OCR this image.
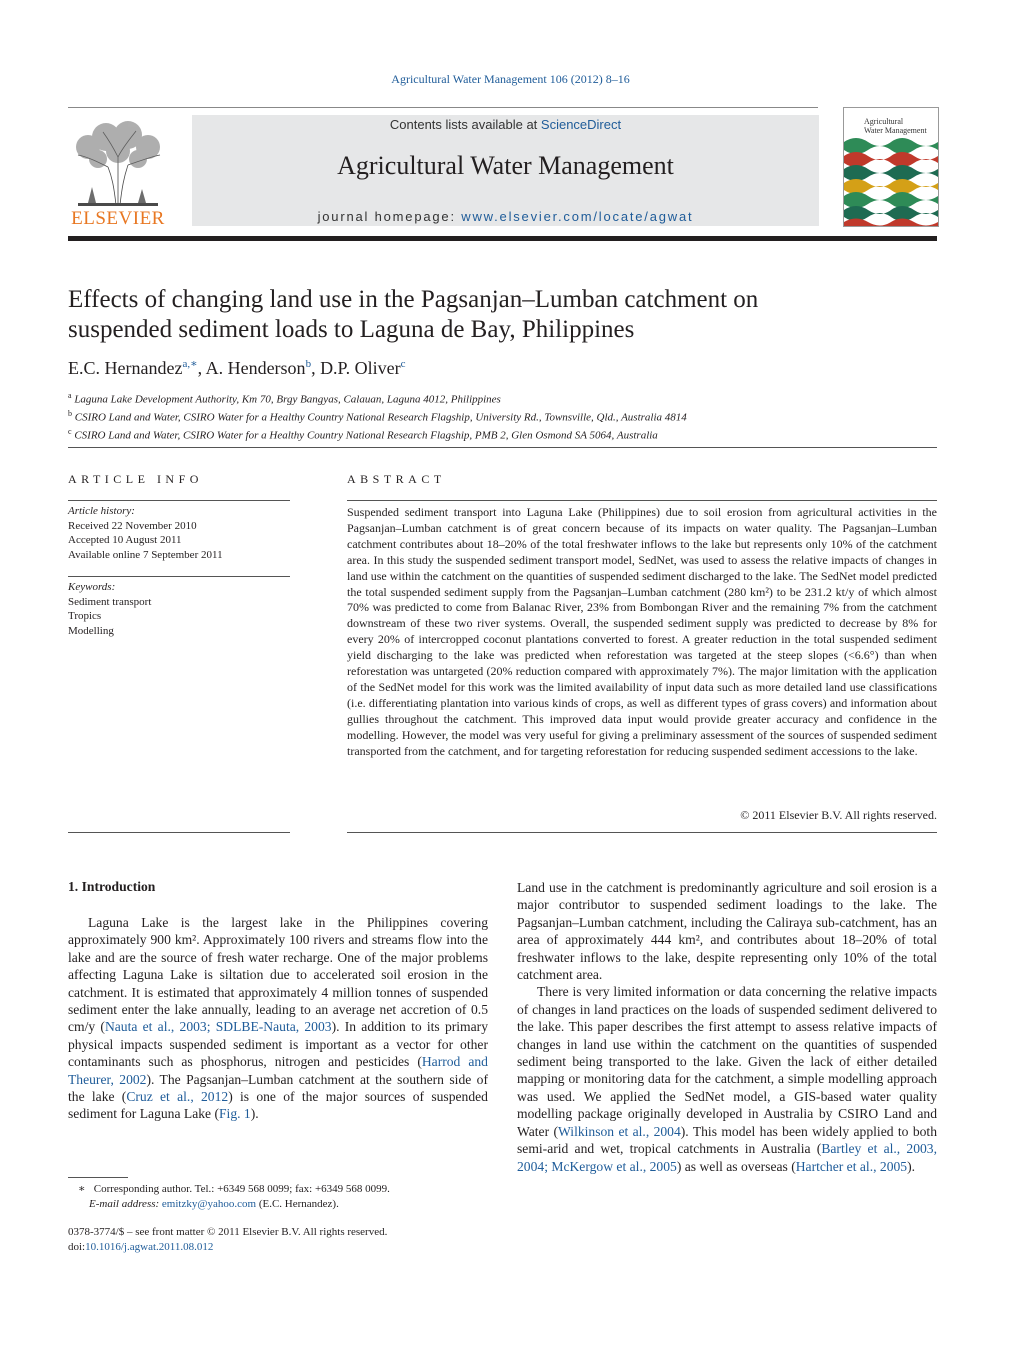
Agricultural Water Management 106 (2012) 8–16
ELSEVIER
Contents lists available at ScienceDirect
Agricultural Water Management
journal homepage: www.elsevier.com/locate/agwat
Agricultural
Water Management
Effects of changing land use in the Pagsanjan–Lumban catchment on
suspended sediment loads to Laguna de Bay, Philippines
E.C. Hernandez$^{a,∗}$, A. Henderson$^b$, D.P. Oliver$^c$
$^a$ Laguna Lake Development Authority, Km 70, Brgy Bangyas, Calauan, Laguna 4012, Philippines
$^b$ CSIRO Land and Water, CSIRO Water for a Healthy Country National Research Flagship, University Rd., Townsville, Qld., Australia 4814
$^c$ CSIRO Land and Water, CSIRO Water for a Healthy Country National Research Flagship, PMB 2, Glen Osmond SA 5064, Australia
ARTICLE INFO
Article history:
Received 22 November 2010
Accepted 10 August 2011
Available online 7 September 2011
Keywords:
Sediment transport
Tropics
Modelling
ABSTRACT
Suspended sediment transport into Laguna Lake (Philippines) due to soil erosion from agricultural activities in the Pagsanjan–Lumban catchment is of great concern because of its impacts on water quality. The Pagsanjan–Lumban catchment contributes about 18–20% of the total freshwater inflows to the lake but represents only 10% of the catchment area. In this study the suspended sediment transport model, SedNet, was used to assess the relative impacts of changes in land use within the catchment on the quantities of suspended sediment discharged to the lake. The SedNet model predicted the total suspended sediment supply from the Pagsanjan–Lumban catchment (280 km²) to be 231.2 kt/y of which almost 70% was predicted to come from Balanac River, 23% from Bombongan River and the remaining 7% from the catchment downstream of these two river systems. Overall, the suspended sediment supply was predicted to decrease by 8% for every 20% of intercropped coconut plantations converted to forest. A greater reduction in the total suspended sediment yield discharging to the lake was predicted when reforestation was targeted at the steep slopes (<6.6°) than when reforestation was untargeted (20% reduction compared with approximately 7%). The major limitation with the application of the SedNet model for this work was the limited availability of input data such as more detailed land use classifications (i.e. differentiating plantation into various kinds of crops, as well as different types of grass covers) and information about gullies throughout the catchment. This improved data input would provide greater accuracy and confidence in the modelling. However, the model was very useful for giving a preliminary assessment of the sources of suspended sediment transported from the catchment, and for targeting reforestation for reducing suspended sediment accessions to the lake.
© 2011 Elsevier B.V. All rights reserved.
1. Introduction

Laguna Lake is the largest lake in the Philippines covering approximately 900 km². Approximately 100 rivers and streams flow into the lake and are the source of fresh water recharge. One of the major problems affecting Laguna Lake is siltation due to accelerated soil erosion in the catchment. It is estimated that approximately 4 million tonnes of suspended sediment enter the lake annually, leading to an average net accretion of 0.5 cm/y (Nauta et al., 2003; SDLBE-Nauta, 2003). In addition to its primary physical impacts suspended sediment is important as a vector for other contaminants such as phosphorus, nitrogen and pesticides (Harrod and Theurer, 2002). The Pagsanjan–Lumban catchment at the southern side of the lake (Cruz et al., 2012) is one of the major sources of suspended sediment for Laguna Lake (Fig. 1).

Land use in the catchment is predominantly agriculture and soil erosion is a major contributor to suspended sediment loadings to the lake. The Pagsanjan–Lumban catchment, including the Caliraya sub-catchment, has an area of approximately 444 km², and contributes about 18–20% of total freshwater inflows to the lake, despite representing only 10% of the total catchment area.

There is very limited information or data concerning the relative impacts of changes in land practices on the loads of suspended sediment delivered to the lake. This paper describes the first attempt to assess relative impacts of changes in land use within the catchment on the quantities of suspended sediment being transported to the lake. Given the lack of either detailed mapping or monitoring data for the catchment, a simple modelling approach was used. We applied the SedNet model, a GIS-based water quality modelling package originally developed in Australia by CSIRO Land and Water (Wilkinson et al., 2004). This model has been widely applied to both semi-arid and wet, tropical catchments in Australia (Bartley et al., 2003, 2004; McKergow et al., 2005) as well as overseas (Hartcher et al., 2005).

∗ Corresponding author. Tel.: +6349 568 0099; fax: +6349 568 0099.
E-mail address: emitzky@yahoo.com (E.C. Hernandez).
0378-3774/$ – see front matter © 2011 Elsevier B.V. All rights reserved.
doi:10.1016/j.agwat.2011.08.012
